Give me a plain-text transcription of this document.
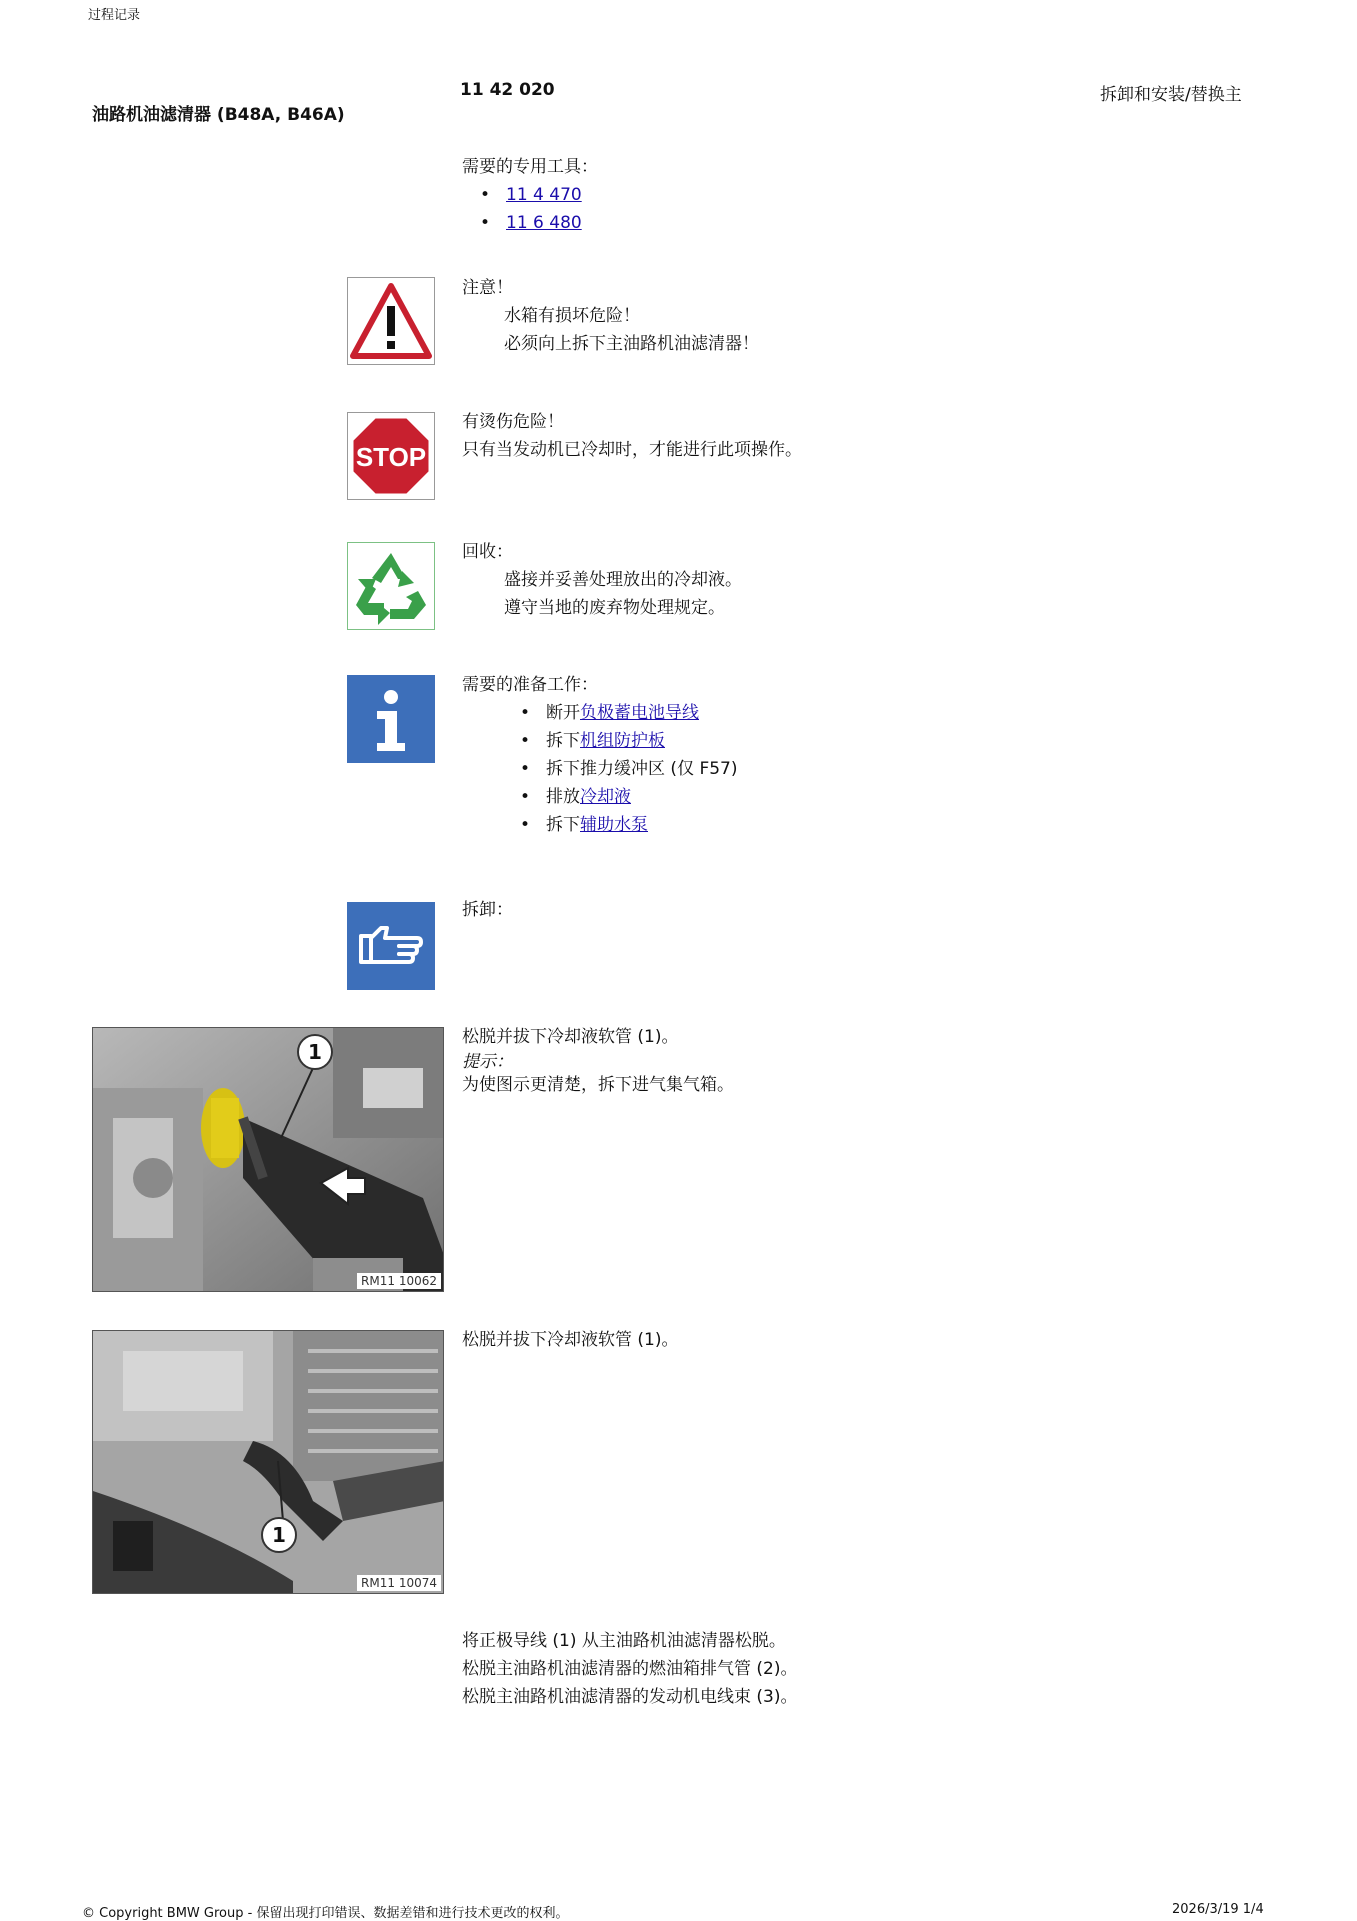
过程记录
11 42 020
油路机油滤清器 (B48A, B46A)
拆卸和安装/替换主
需要的专用工具：
• 11 4 470
• 11 6 480
注意！
水箱有损坏危险！
必须向上拆下主油路机油滤清器！
STOP
有烫伤危险！
只有当发动机已冷却时，才能进行此项操作。
回收：
盛接并妥善处理放出的冷却液。
遵守当地的废弃物处理规定。
需要的准备工作：
• 断开负极蓄电池导线
• 拆下机组防护板
• 拆下推力缓冲区 (仅 F57)
• 排放冷却液
• 拆下辅助水泵
拆卸：
1
RM11 10062
松脱并拔下冷却液软管 (1)。
提示：
为使图示更清楚，拆下进气集气箱。
1
RM11 10074
松脱并拔下冷却液软管 (1)。
将正极导线 (1) 从主油路机油滤清器松脱。
松脱主油路机油滤清器的燃油箱排气管 (2)。
松脱主油路机油滤清器的发动机电线束 (3)。
© Copyright BMW Group - 保留出现打印错误、数据差错和进行技术更改的权利。	2026/3/19 1/4
